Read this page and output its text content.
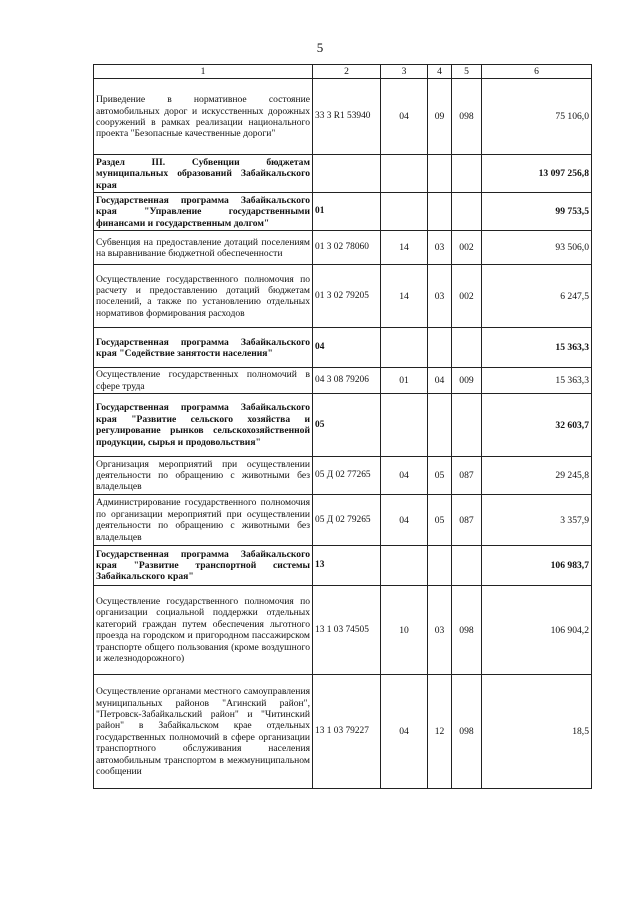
5
1	2	3	4	5	6
Приведение в нормативное состояние автомобильных дорог и искусственных дорожных сооружений в рамках реализации национального проекта "Безопасные качественные дороги"	33 3 R1 53940	04	09	098	75 106,0
Раздел III. Субвенции бюджетам муниципальных образований Забайкальского края					13 097 256,8
Государственная программа Забайкальского края "Управление государственными финансами и государственным долгом"	01				99 753,5
Субвенция на предоставление дотаций поселениям на выравнивание бюджетной обеспеченности	01 3 02 78060	14	03	002	93 506,0
Осуществление государственного полномочия по расчету и предоставлению дотаций бюджетам поселений, а также по установлению отдельных нормативов формирования расходов	01 3 02 79205	14	03	002	6 247,5
Государственная программа Забайкальского края "Содействие занятости населения"	04				15 363,3
Осуществление государственных полномочий в сфере труда	04 3 08 79206	01	04	009	15 363,3
Государственная программа Забайкальского края "Развитие сельского хозяйства и регулирование рынков сельскохозяйственной продукции, сырья и продовольствия"	05				32 603,7
Организация мероприятий при осуществлении деятельности по обращению с животными без владельцев	05 Д 02 77265	04	05	087	29 245,8
Администрирование государственного полномочия по организации мероприятий при осуществлении деятельности по обращению с животными без владельцев	05 Д 02 79265	04	05	087	3 357,9
Государственная программа Забайкальского края "Развитие транспортной системы Забайкальского края"	13				106 983,7
Осуществление государственного полномочия по организации социальной поддержки отдельных категорий граждан путем обеспечения льготного проезда на городском и пригородном пассажирском транспорте общего пользования (кроме воздушного и железнодорожного)	13 1 03 74505	10	03	098	106 904,2
Осуществление органами местного самоуправления муниципальных районов "Агинский район", "Петровск-Забайкальский район" и "Читинский район" в Забайкальском крае отдельных государственных полномочий в сфере организации транспортного обслуживания населения автомобильным транспортом в межмуниципальном сообщении	13 1 03 79227	04	12	098	18,5
